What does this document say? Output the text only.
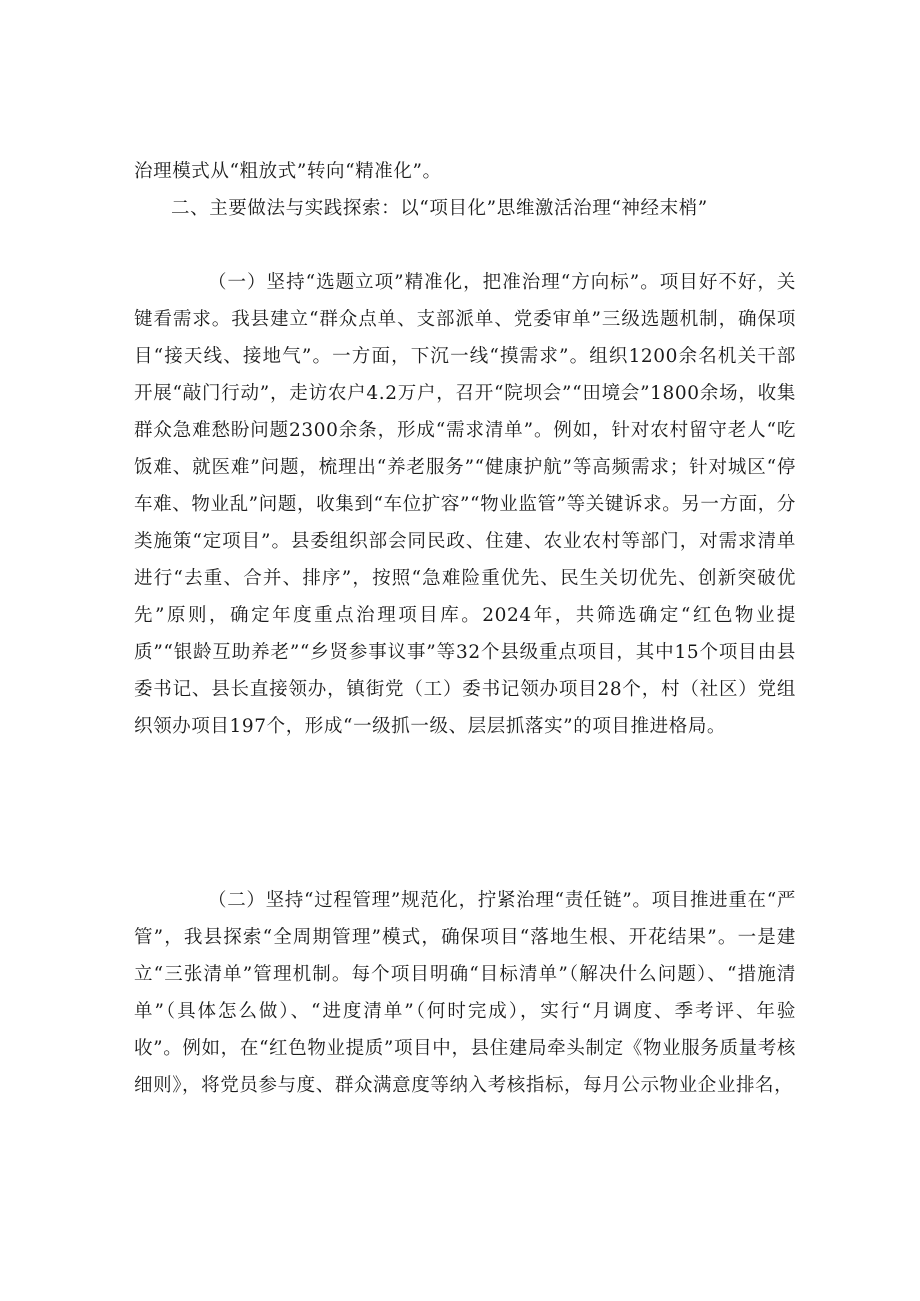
治理模式从“粗放式”转向“精准化”。

二、主要做法与实践探索：以“项目化”思维激活治理“神经末梢”

（一）坚持“选题立项”精准化，把准治理“方向标”。项目好不好，关键看需求。我县建立“群众点单、支部派单、党委审单”三级选题机制，确保项目“接天线、接地气”。一方面，下沉一线“摸需求”。组织1200余名机关干部开展“敲门行动”，走访农户4.2万户，召开“院坝会”“田境会”1800余场，收集群众急难愁盼问题2300余条，形成“需求清单”。例如，针对农村留守老人“吃饭难、就医难”问题，梳理出“养老服务”“健康护航”等高频需求；针对城区“停车难、物业乱”问题，收集到“车位扩容”“物业监管”等关键诉求。另一方面，分类施策“定项目”。县委组织部会同民政、住建、农业农村等部门，对需求清单进行“去重、合并、排序”，按照“急难险重优先、民生关切优先、创新突破优先”原则，确定年度重点治理项目库。2024年，共筛选确定“红色物业提质”“银龄互助养老”“乡贤参事议事”等32个县级重点项目，其中15个项目由县委书记、县长直接领办，镇街党（工）委书记领办项目28个，村（社区）党组织领办项目197个，形成“一级抓一级、层层抓落实”的项目推进格局。

（二）坚持“过程管理”规范化，拧紧治理“责任链”。项目推进重在“严管”，我县探索“全周期管理”模式，确保项目“落地生根、开花结果”。一是建立“三张清单”管理机制。每个项目明确“目标清单”（解决什么问题）、“措施清单”（具体怎么做）、“进度清单”（何时完成），实行“月调度、季考评、年验收”。例如，在“红色物业提质”项目中，县住建局牵头制定《物业服务质量考核细则》，将党员参与度、群众满意度等纳入考核指标，每月公示物业企业排名，
